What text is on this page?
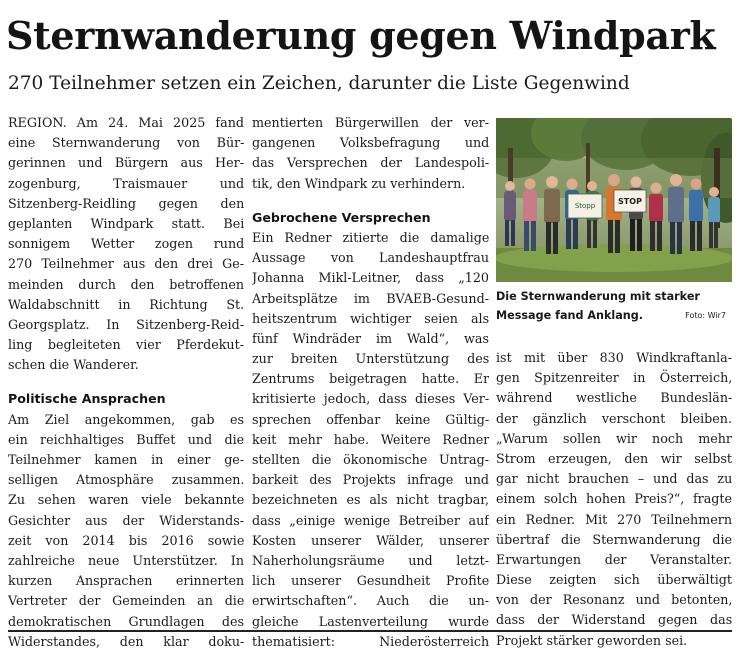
Sternwanderung gegen Windpark
270 Teilnehmer setzen ein Zeichen, darunter die Liste Gegenwind
REGION. Am 24. Mai 2025 fand
eine Sternwanderung von Bür-
gerinnen und Bürgern aus Her-
zogenburg, Traismauer und
Sitzenberg-Reidling gegen den
geplanten Windpark statt. Bei
sonnigem Wetter zogen rund
270 Teilnehmer aus den drei Ge-
meinden durch den betroffenen
Waldabschnitt in Richtung St.
Georgsplatz. In Sitzenberg-Reid-
ling begleiteten vier Pferdekut-
schen die Wanderer.
Politische Ansprachen
Am Ziel angekommen, gab es
ein reichhaltiges Buffet und die
Teilnehmer kamen in einer ge-
selligen Atmosphäre zusammen.
Zu sehen waren viele bekannte
Gesichter aus der Widerstands-
zeit von 2014 bis 2016 sowie
zahlreiche neue Unterstützer. In
kurzen Ansprachen erinnerten
Vertreter der Gemeinden an die
demokratischen Grundlagen des
Widerstandes, den klar doku-
mentierten Bürgerwillen der ver-
gangenen Volksbefragung und
das Versprechen der Landespoli-
tik, den Windpark zu verhindern.
Gebrochene Versprechen
Ein Redner zitierte die damalige
Aussage von Landeshauptfrau
Johanna Mikl-Leitner, dass „120
Arbeitsplätze im BVAEB-Gesund-
heitszentrum wichtiger seien als
fünf Windräder im Wald“, was
zur breiten Unterstützung des
Zentrums beigetragen hatte. Er
kritisierte jedoch, dass dieses Ver-
sprechen offenbar keine Gültig-
keit mehr habe. Weitere Redner
stellten die ökonomische Untrag-
barkeit des Projekts infrage und
bezeichneten es als nicht tragbar,
dass „einige wenige Betreiber auf
Kosten unserer Wälder, unserer
Naherholungsräume und letzt-
lich unserer Gesundheit Profite
erwirtschaften“. Auch die un-
gleiche Lastenverteilung wurde
thematisiert: Niederösterreich
Stopp	STOP
Die Sternwanderung mit starker
Message fand Anklang.	Foto: Wir7
ist mit über 830 Windkraftanla-
gen Spitzenreiter in Österreich,
während westliche Bundeslän-
der gänzlich verschont bleiben.
„Warum sollen wir noch mehr
Strom erzeugen, den wir selbst
gar nicht brauchen – und das zu
einem solch hohen Preis?“, fragte
ein Redner. Mit 270 Teilnehmern
übertraf die Sternwanderung die
Erwartungen der Veranstalter.
Diese zeigten sich überwältigt
von der Resonanz und betonten,
dass der Widerstand gegen das
Projekt stärker geworden sei.
